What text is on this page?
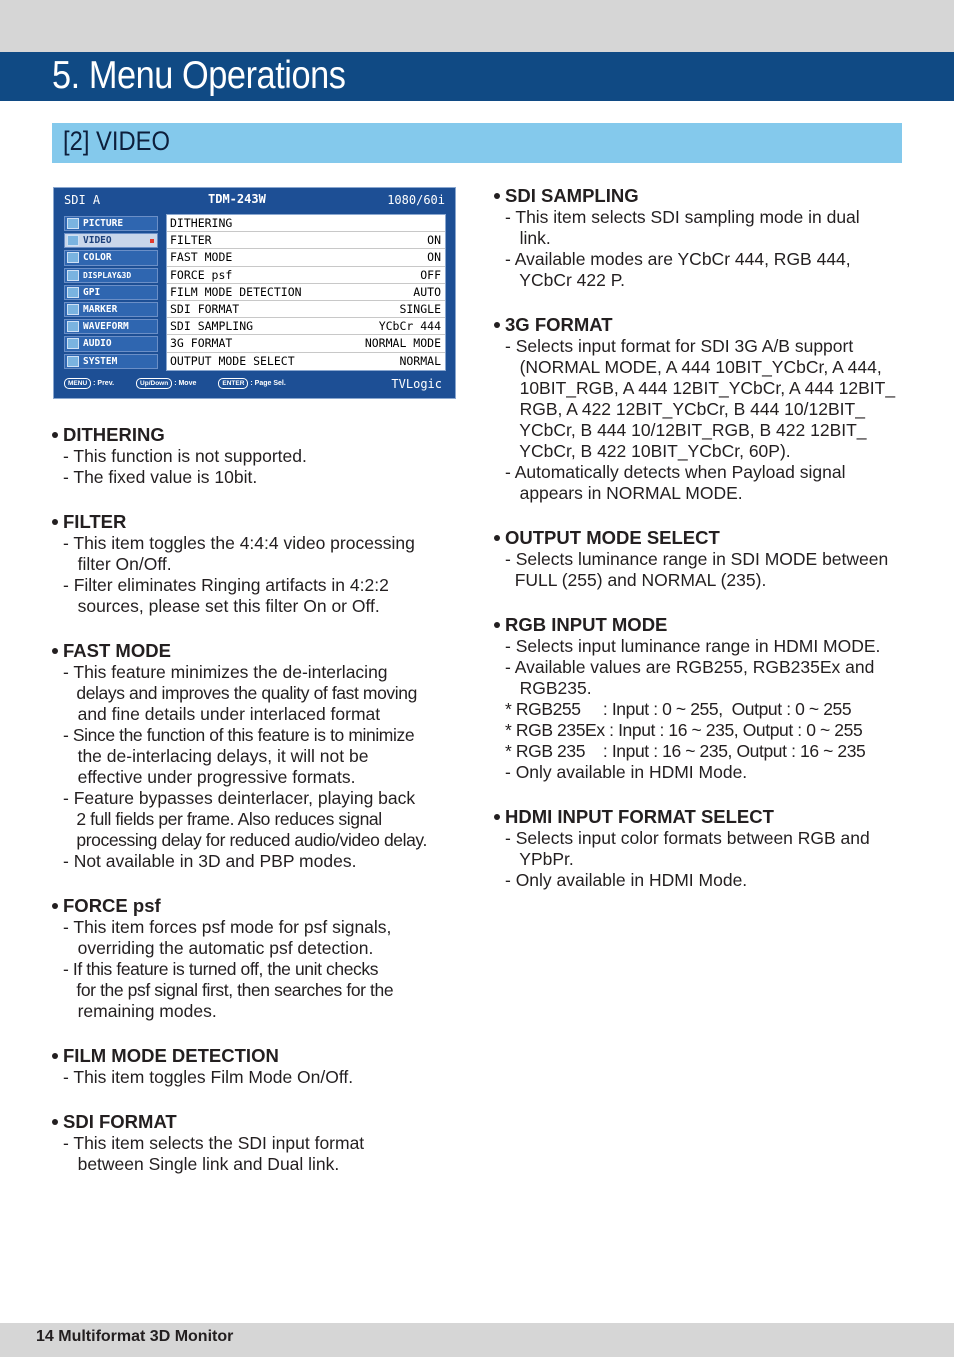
5. Menu Operations
[2] VIDEO
SDI A	TDM-243W	1080/60i
PICTURE
VIDEO
COLOR
DISPLAY&3D
GPI
MARKER
WAVEFORM
AUDIO
SYSTEM
DITHERING
FILTER	ON
FAST MODE	ON
FORCE psf	OFF
FILM MODE DETECTION	AUTO
SDI FORMAT	SINGLE
SDI SAMPLING	YCbCr 444
3G FORMAT	NORMAL MODE
OUTPUT MODE SELECT	NORMAL
MENU : Prev.	Up/Down : Move	ENTER : Page Sel.	TVLogic
DITHERING
- This function is not supported.
- The fixed value is 10bit.
FILTER
- This item toggles the 4:4:4 video processing
filter On/Off.
- Filter eliminates Ringing artifacts in 4:2:2
sources, please set this filter On or Off.
FAST MODE
- This feature minimizes the de-interlacing
delays and improves the quality of fast moving
and fine details under interlaced format
- Since the function of this feature is to minimize
the de-interlacing delays, it will not be
effective under progressive formats.
- Feature bypasses deinterlacer, playing back
2 full fields per frame. Also reduces signal
processing delay for reduced audio/video delay.
- Not available in 3D and PBP modes.
FORCE psf
- This item forces psf mode for psf signals,
overriding the automatic psf detection.
- If this feature is turned off, the unit checks
for the psf signal first, then searches for the
remaining modes.
FILM MODE DETECTION
- This item toggles Film Mode On/Off.
SDI FORMAT
- This item selects the SDI input format
between Single link and Dual link.
SDI SAMPLING
- This item selects SDI sampling mode in dual
link.
- Available modes are YCbCr 444, RGB 444,
YCbCr 422 P.
3G FORMAT
- Selects input format for SDI 3G A/B support
(NORMAL MODE, A 444 10BIT_YCbCr, A 444,
10BIT_RGB, A 444 12BIT_YCbCr, A 444 12BIT_
RGB, A 422 12BIT_YCbCr, B 444 10/12BIT_
YCbCr, B 444 10/12BIT_RGB, B 422 12BIT_
YCbCr, B 422 10BIT_YCbCr, 60P).
- Automatically detects when Payload signal
appears in NORMAL MODE.
OUTPUT MODE SELECT
- Selects luminance range in SDI MODE between
FULL (255) and NORMAL (235).
RGB INPUT MODE
- Selects input luminance range in HDMI MODE.
- Available values are RGB255, RGB235Ex and
RGB235.
* RGB255     : Input : 0 ~ 255,  Output : 0 ~ 255
* RGB 235Ex : Input : 16 ~ 235, Output : 0 ~ 255
* RGB 235    : Input : 16 ~ 235, Output : 16 ~ 235
- Only available in HDMI Mode.
HDMI INPUT FORMAT SELECT
- Selects input color formats between RGB and
YPbPr.
- Only available in HDMI Mode.
14 Multiformat 3D Monitor
